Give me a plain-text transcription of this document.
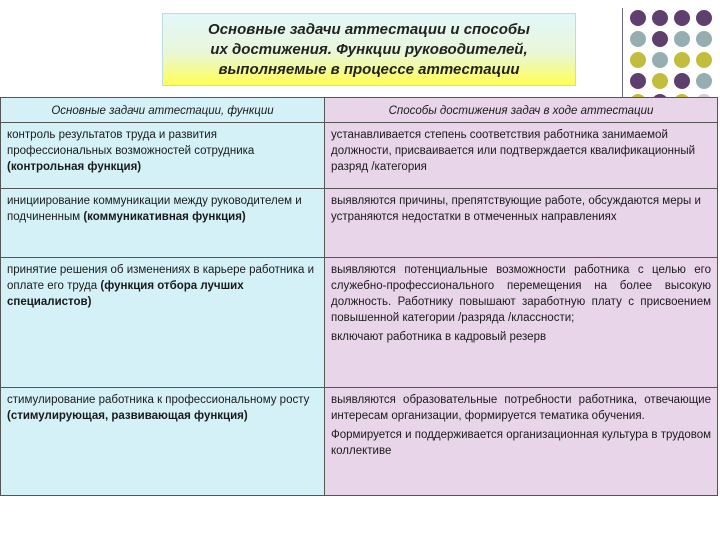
Основные задачи аттестации и способы
их достижения. Функции руководителей,
выполняемые в процессе аттестации
Основные задачи аттестации, функции	Способы достижения задач в ходе аттестации
контроль результатов труда и развития профессиональных возможностей сотрудника (контрольная функция)	устанавливается степень соответствия работника занимаемой должности, присваивается или подтверждается квалификационный разряд /категория
инициирование коммуникации между руководителем и подчиненным (коммуникативная функция)	выявляются причины, препятствующие работе, обсуждаются меры и устраняются недостатки в отмеченных направлениях
принятие решения об изменениях в карьере работника и оплате его труда (функция отбора лучших специалистов)	выявляются потенциальные возможности работника с целью его служебно-профессионального перемещения на более высокую должность. Работнику повышают заработную плату с присвоением повышенной категории /разряда /классности;
включают работника в кадровый резерв

стимулирование работника к профессиональному росту (стимулирующая, развивающая функция)	выявляются образовательные потребности работника, отвечающие интересам организации, формируется тематика обучения.
Формируется и поддерживается организационная культура в трудовом коллективе
